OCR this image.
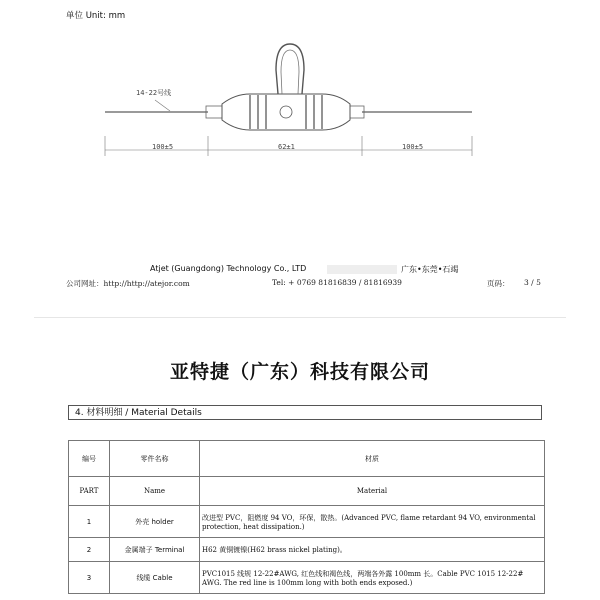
单位 Unit: mm
14-22号线
100±5	62±1	100±5
Atjet (Guangdong) Technology Co., LTD	广东•东莞•石竭
公司网址：http://http://atejor.com	Tel: + 0769 81816839 / 81816939	页码： 3 / 5
亚特捷（广东）科技有限公司
4. 材料明细 / Material Details
编号	零件名称	材质
PART	Name	Material
1	外壳 holder	改进型 PVC，阻燃度 94 VO，环保，散热。(Advanced PVC, flame retardant 94 VO, environmental protection, heat dissipation.)
2	金属端子 Terminal	H62 黄铜镀镍(H62 brass nickel plating)。
3	线缆 Cable	PVC1015 线规 12-22#AWG, 红色线和褐色线，两端各外露 100mm 长。Cable PVC 1015 12-22# AWG. The red line is 100mm long with both ends exposed.)
